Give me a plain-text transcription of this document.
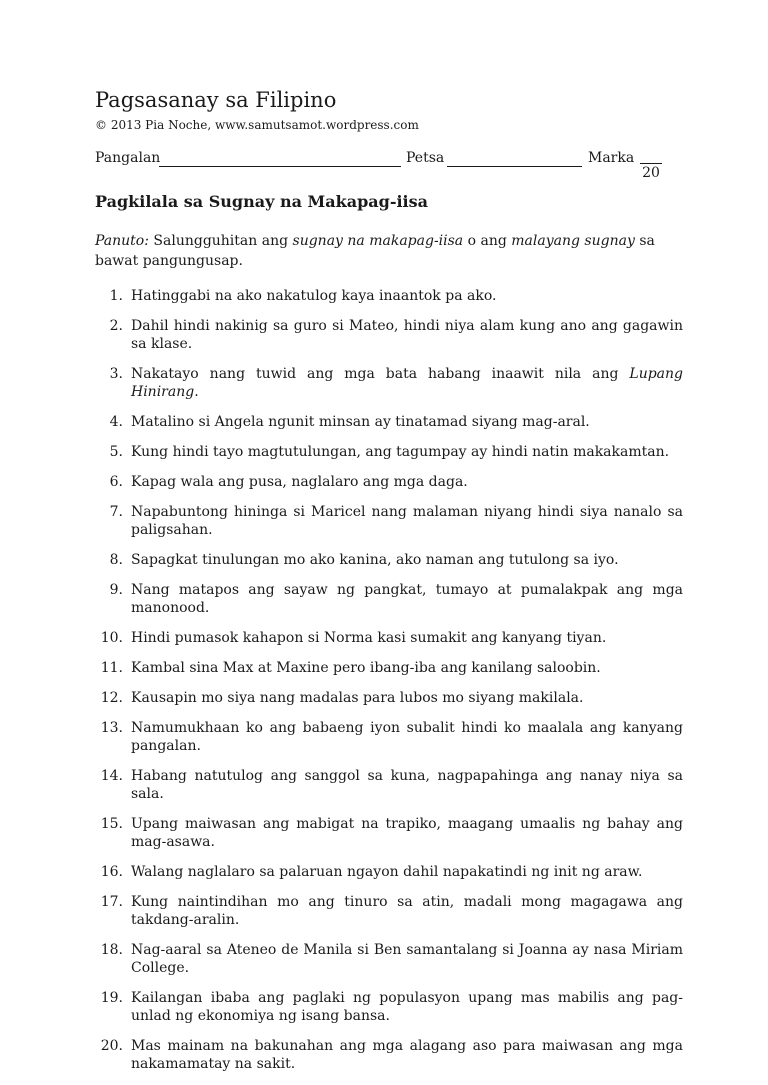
Pagsasanay sa Filipino
© 2013 Pia Noche, www.samutsamot.wordpress.com
Pangalan	Petsa	Marka
20
Pagkilala sa Sugnay na Makapag-iisa
Panuto: Salungguhitan ang sugnay na makapag-iisa o ang malayang sugnay sa bawat pangungusap.
1. Hatinggabi na ako nakatulog kaya inaantok pa ako.
2. Dahil hindi nakinig sa guro si Mateo, hindi niya alam kung ano ang gagawin sa klase.
3. Nakatayo nang tuwid ang mga bata habang inaawit nila ang Lupang Hinirang.
4. Matalino si Angela ngunit minsan ay tinatamad siyang mag-aral.
5. Kung hindi tayo magtutulungan, ang tagumpay ay hindi natin makakamtan.
6. Kapag wala ang pusa, naglalaro ang mga daga.
7. Napabuntong hininga si Maricel nang malaman niyang hindi siya nanalo sa paligsahan.
8. Sapagkat tinulungan mo ako kanina, ako naman ang tutulong sa iyo.
9. Nang matapos ang sayaw ng pangkat, tumayo at pumalakpak ang mga manonood.
10. Hindi pumasok kahapon si Norma kasi sumakit ang kanyang tiyan.
11. Kambal sina Max at Maxine pero ibang-iba ang kanilang saloobin.
12. Kausapin mo siya nang madalas para lubos mo siyang makilala.
13. Namumukhaan ko ang babaeng iyon subalit hindi ko maalala ang kanyang pangalan.
14. Habang natutulog ang sanggol sa kuna, nagpapahinga ang nanay niya sa sala.
15. Upang maiwasan ang mabigat na trapiko, maagang umaalis ng bahay ang mag-asawa.
16. Walang naglalaro sa palaruan ngayon dahil napakatindi ng init ng araw.
17. Kung naintindihan mo ang tinuro sa atin, madali mong magagawa ang takdang-aralin.
18. Nag-aaral sa Ateneo de Manila si Ben samantalang si Joanna ay nasa Miriam College.
19. Kailangan ibaba ang paglaki ng populasyon upang mas mabilis ang pag-unlad ng ekonomiya ng isang bansa.
20. Mas mainam na bakunahan ang mga alagang aso para maiwasan ang mga nakamamatay na sakit.
